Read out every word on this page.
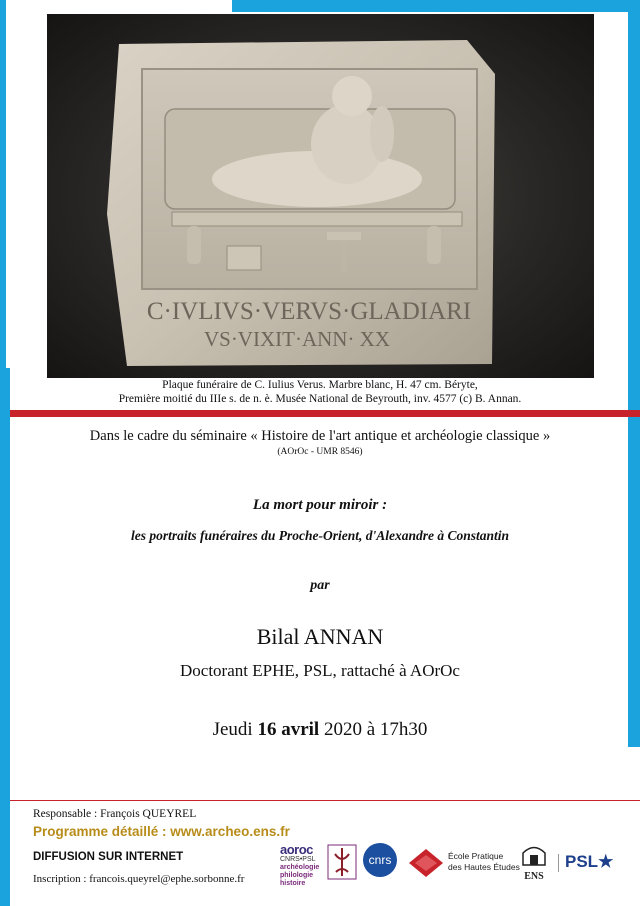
C·IVLIVS·VERVS·GLADIARI
VS·VIXIT·ANN· XX
Plaque funéraire de C. Iulius Verus. Marbre blanc, H. 47 cm. Béryte,
Première moitié du IIIe s. de n. è. Musée National de Beyrouth, inv. 4577 (c) B. Annan.
Dans le cadre du séminaire « Histoire de l'art antique et archéologie classique »
(AOrOc - UMR 8546)
La mort pour miroir :
les portraits funéraires du Proche-Orient, d'Alexandre à Constantin
par
Bilal ANNAN
Doctorant EPHE, PSL, rattaché à AOrOc
Jeudi 16 avril 2020 à 17h30
Responsable : François QUEYREL
Programme détaillé : www.archeo.ens.fr
DIFFUSION SUR INTERNET
Inscription : francois.queyrel@ephe.sorbonne.fr
aoroc
CNRS•PSL
archéologie
philologie
histoire
cnrs	École Pratique
des Hautes Études
ENS
PSL★
